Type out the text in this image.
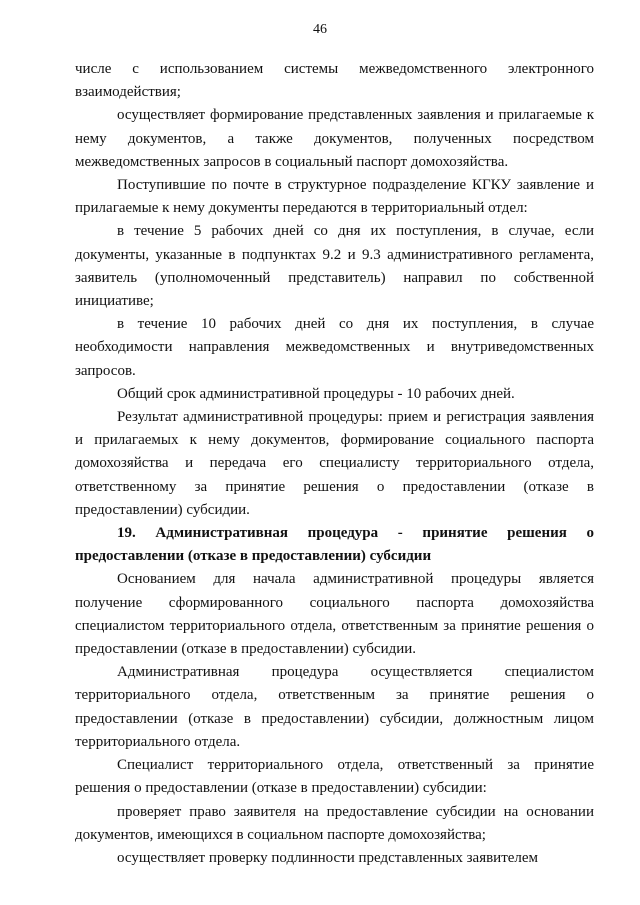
46

числе с использованием системы межведомственного электронного взаимодействия;

осуществляет формирование представленных заявления и прилагаемые к нему документов, а также документов, полученных посредством межведомственных запросов в социальный паспорт домохозяйства.

Поступившие по почте в структурное подразделение КГКУ заявление и прилагаемые к нему документы передаются в территориальный отдел:

в течение 5 рабочих дней со дня их поступления, в случае, если документы, указанные в подпунктах 9.2 и 9.3 административного регламента, заявитель (уполномоченный представитель) направил по собственной инициативе;

в течение 10 рабочих дней со дня их поступления, в случае необходимости направления межведомственных и внутриведомственных запросов.

Общий срок административной процедуры - 10 рабочих дней.

Результат административной процедуры: прием и регистрация заявления и прилагаемых к нему документов, формирование социального паспорта домохозяйства и передача его специалисту территориального отдела, ответственному за принятие решения о предоставлении (отказе в предоставлении) субсидии.

19. Административная процедура - принятие решения о предоставлении (отказе в предоставлении) субсидии

Основанием для начала административной процедуры является получение сформированного социального паспорта домохозяйства специалистом территориального отдела, ответственным за принятие решения о предоставлении (отказе в предоставлении) субсидии.

Административная процедура осуществляется специалистом территориального отдела, ответственным за принятие решения о предоставлении (отказе в предоставлении) субсидии, должностным лицом территориального отдела.

Специалист территориального отдела, ответственный за принятие решения о предоставлении (отказе в предоставлении) субсидии:

проверяет право заявителя на предоставление субсидии на основании документов, имеющихся в социальном паспорте домохозяйства;

осуществляет проверку подлинности представленных заявителем
